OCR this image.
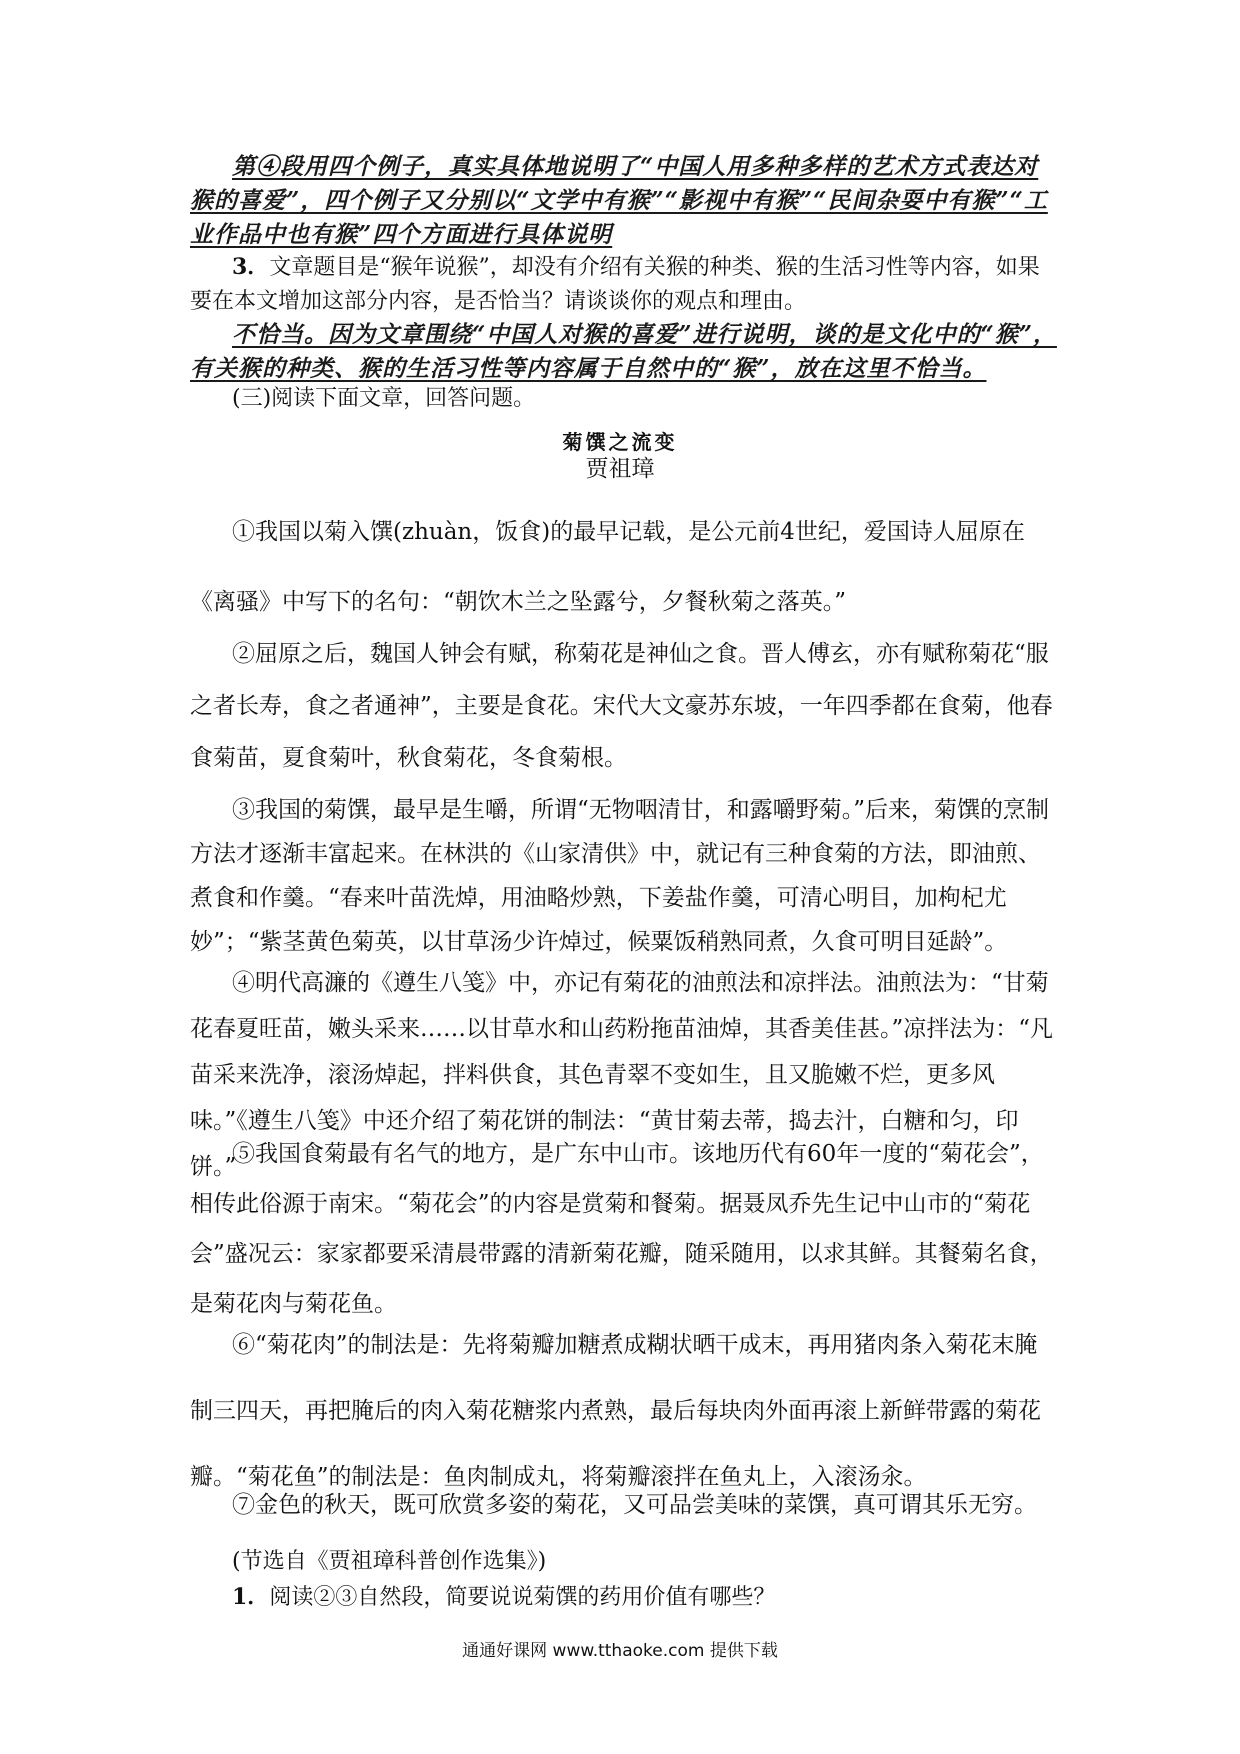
第④段用四个例子，真实具体地说明了“中国人用多种多样的艺术方式表达对猴的喜爱”，四个例子又分别以“文学中有猴”“影视中有猴”“民间杂耍中有猴”“工业作品中也有猴”四个方面进行具体说明

3．文章题目是“猴年说猴”，却没有介绍有关猴的种类、猴的生活习性等内容，如果要在本文增加这部分内容，是否恰当？请谈谈你的观点和理由。

不恰当。因为文章围绕“中国人对猴的喜爱”进行说明，谈的是文化中的“猴”，有关猴的种类、猴的生活习性等内容属于自然中的“猴”，放在这里不恰当。

(三)阅读下面文章，回答问题。

菊馔之流变

贾祖璋

①我国以菊入馔(zhuàn，饭食)的最早记载，是公元前4世纪，爱国诗人屈原在《离骚》中写下的名句：“朝饮木兰之坠露兮，夕餐秋菊之落英。”

②屈原之后，魏国人钟会有赋，称菊花是神仙之食。晋人傅玄，亦有赋称菊花“服之者长寿，食之者通神”，主要是食花。宋代大文豪苏东坡，一年四季都在食菊，他春食菊苗，夏食菊叶，秋食菊花，冬食菊根。

③我国的菊馔，最早是生嚼，所谓“无物咽清甘，和露嚼野菊。”后来，菊馔的烹制方法才逐渐丰富起来。在林洪的《山家清供》中，就记有三种食菊的方法，即油煎、煮食和作羹。“春来叶苗洗焯，用油略炒熟，下姜盐作羹，可清心明目，加枸杞尤妙”；“紫茎黄色菊英，以甘草汤少许焯过，候粟饭稍熟同煮，久食可明目延龄”。

④明代高濂的《遵生八笺》中，亦记有菊花的油煎法和凉拌法。油煎法为：“甘菊花春夏旺苗，嫩头采来……以甘草水和山药粉拖苗油焯，其香美佳甚。”凉拌法为：“凡苗采来洗净，滚汤焯起，拌料供食，其色青翠不变如生，且又脆嫩不烂，更多风味。”《遵生八笺》中还介绍了菊花饼的制法：“黄甘菊去蒂，捣去汁，白糖和匀，印饼。”

⑤我国食菊最有名气的地方，是广东中山市。该地历代有60年一度的“菊花会”，相传此俗源于南宋。“菊花会”的内容是赏菊和餐菊。据聂凤乔先生记中山市的“菊花会”盛况云：家家都要采清晨带露的清新菊花瓣，随采随用，以求其鲜。其餐菊名食，是菊花肉与菊花鱼。

⑥“菊花肉”的制法是：先将菊瓣加糖煮成糊状晒干成末，再用猪肉条入菊花末腌制三四天，再把腌后的肉入菊花糖浆内煮熟，最后每块肉外面再滚上新鲜带露的菊花瓣。“菊花鱼”的制法是：鱼肉制成丸，将菊瓣滚拌在鱼丸上，入滚汤汆。

⑦金色的秋天，既可欣赏多姿的菊花，又可品尝美味的菜馔，真可谓其乐无穷。

(节选自《贾祖璋科普创作选集》)

1．阅读②③自然段，简要说说菊馔的药用价值有哪些？

通通好课网 www.tthaoke.com 提供下载
